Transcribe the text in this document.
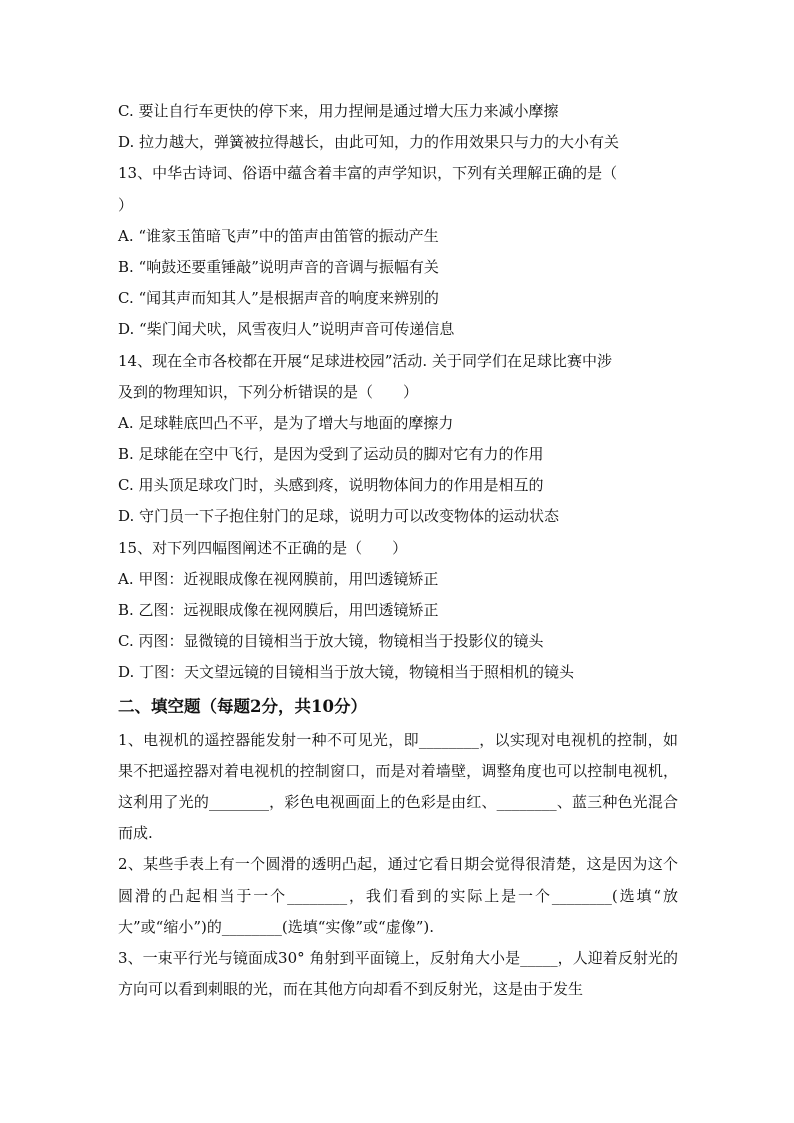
C. 要让自行车更快的停下来，用力捏闸是通过增大压力来减小摩擦
D. 拉力越大，弹簧被拉得越长，由此可知，力的作用效果只与力的大小有关
13、中华古诗词、俗语中蕴含着丰富的声学知识，下列有关理解正确的是（
）
A. “谁家玉笛暗飞声”中的笛声由笛管的振动产生
B. “响鼓还要重锤敲”说明声音的音调与振幅有关
C. “闻其声而知其人”是根据声音的响度来辨别的
D. “柴门闻犬吠，风雪夜归人”说明声音可传递信息
14、现在全市各校都在开展“足球进校园”活动. 关于同学们在足球比赛中涉
及到的物理知识，下列分析错误的是（　　）
A. 足球鞋底凹凸不平，是为了增大与地面的摩擦力
B. 足球能在空中飞行，是因为受到了运动员的脚对它有力的作用
C. 用头顶足球攻门时，头感到疼，说明物体间力的作用是相互的
D. 守门员一下子抱住射门的足球，说明力可以改变物体的运动状态
15、对下列四幅图阐述不正确的是（　　）
A. 甲图：近视眼成像在视网膜前，用凹透镜矫正
B. 乙图：远视眼成像在视网膜后，用凹透镜矫正
C. 丙图：显微镜的目镜相当于放大镜，物镜相当于投影仪的镜头
D. 丁图：天文望远镜的目镜相当于放大镜，物镜相当于照相机的镜头
二、填空题（每题2分，共10分）
1、电视机的遥控器能发射一种不可见光，即________，以实现对电视机的控制，如果不把遥控器对着电视机的控制窗口，而是对着墙壁，调整角度也可以控制电视机，这利用了光的________，彩色电视画面上的色彩是由红、________、蓝三种色光混合而成.
2、某些手表上有一个圆滑的透明凸起，通过它看日期会觉得很清楚，这是因为这个圆滑的凸起相当于一个________，我们看到的实际上是一个________(选填“放大”或“缩小”)的________(选填“实像”或“虚像”).
3、一束平行光与镜面成30° 角射到平面镜上，反射角大小是_____，人迎着反射光的方向可以看到刺眼的光，而在其他方向却看不到反射光，这是由于发生
